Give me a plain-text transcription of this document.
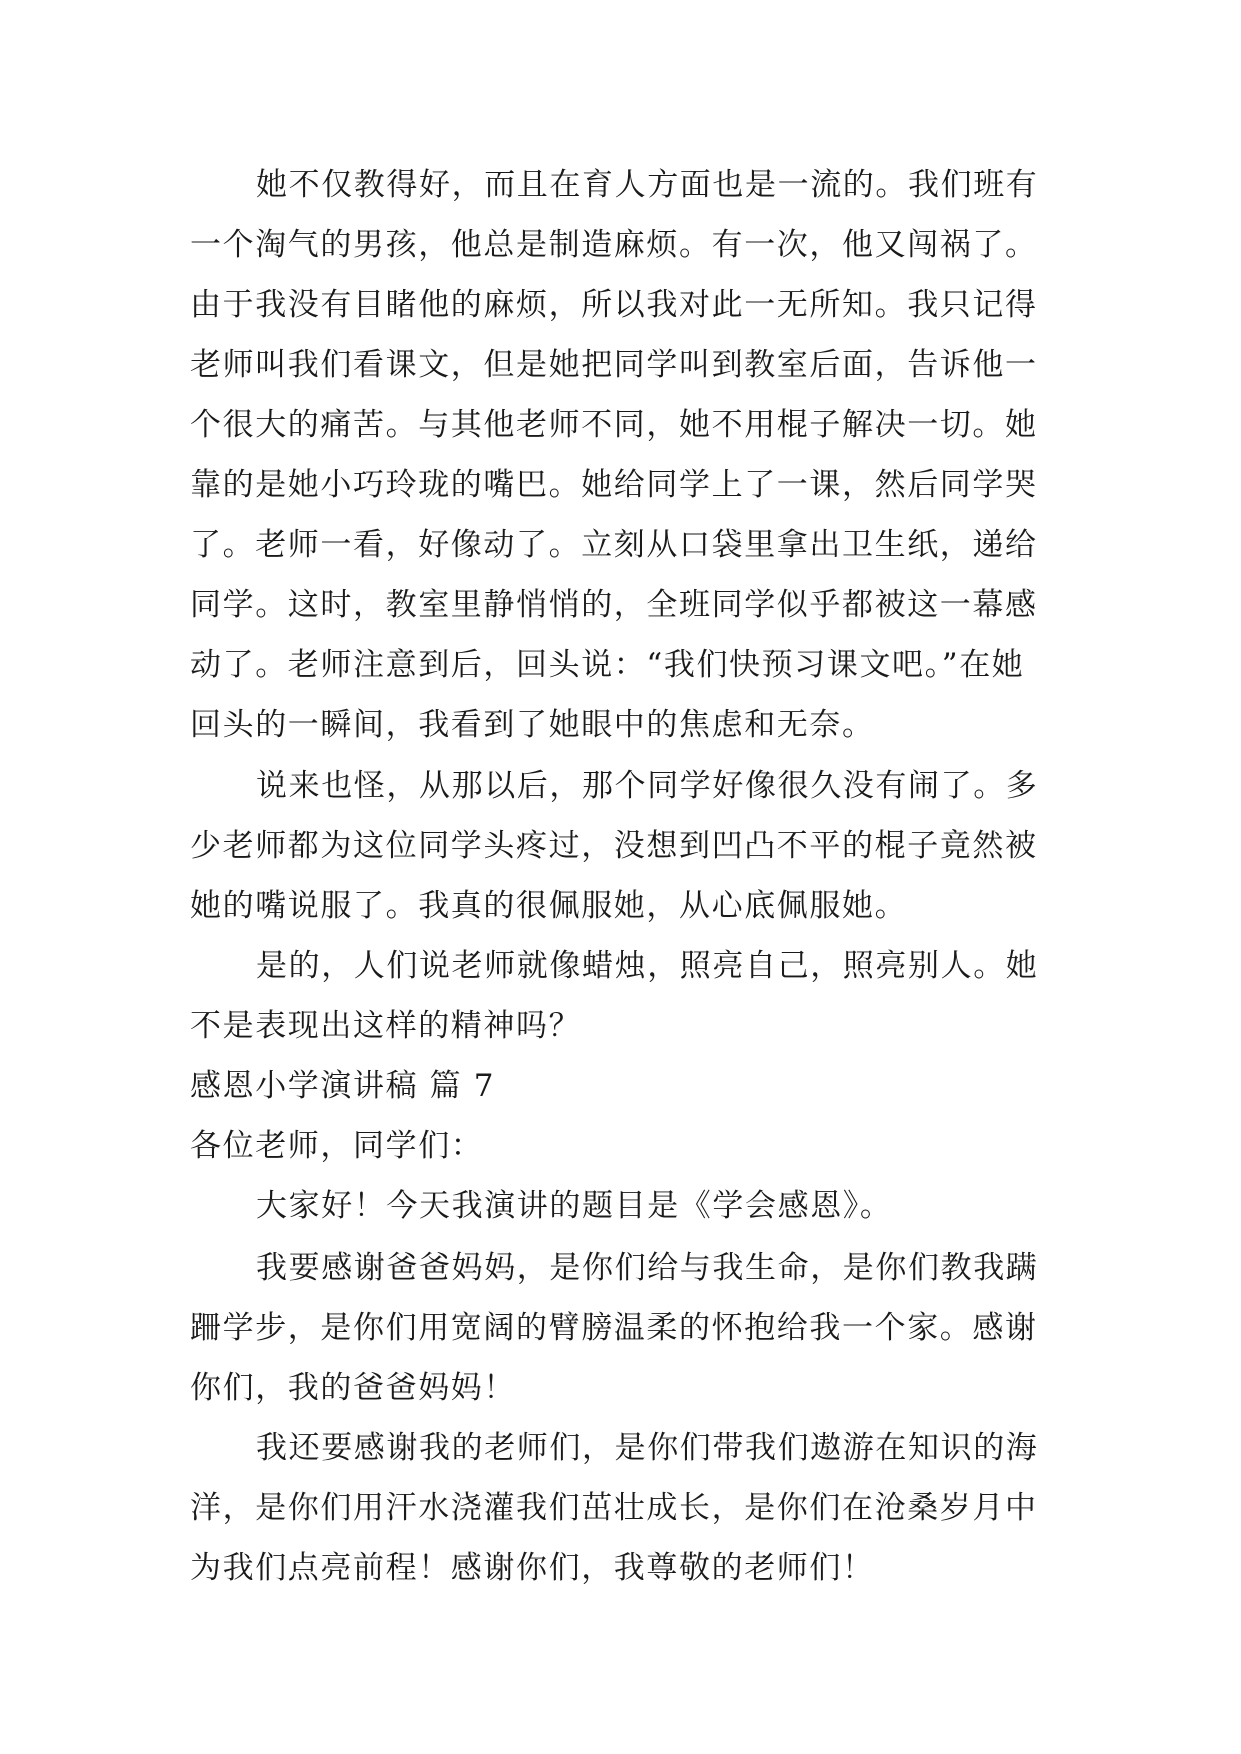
她不仅教得好，而且在育人方面也是一流的。我们班有
一个淘气的男孩，他总是制造麻烦。有一次，他又闯祸了。
由于我没有目睹他的麻烦，所以我对此一无所知。我只记得
老师叫我们看课文，但是她把同学叫到教室后面，告诉他一
个很大的痛苦。与其他老师不同，她不用棍子解决一切。她
靠的是她小巧玲珑的嘴巴。她给同学上了一课，然后同学哭
了。老师一看，好像动了。立刻从口袋里拿出卫生纸，递给
同学。这时，教室里静悄悄的，全班同学似乎都被这一幕感
动了。老师注意到后，回头说：“我们快预习课文吧。”在她
回头的一瞬间，我看到了她眼中的焦虑和无奈。
说来也怪，从那以后，那个同学好像很久没有闹了。多
少老师都为这位同学头疼过，没想到凹凸不平的棍子竟然被
她的嘴说服了。我真的很佩服她，从心底佩服她。
是的，人们说老师就像蜡烛，照亮自己，照亮别人。她
不是表现出这样的精神吗？
感恩小学演讲稿 篇 7
各位老师，同学们：
大家好！今天我演讲的题目是《学会感恩》。
我要感谢爸爸妈妈，是你们给与我生命，是你们教我蹒
跚学步，是你们用宽阔的臂膀温柔的怀抱给我一个家。感谢
你们，我的爸爸妈妈！
我还要感谢我的老师们，是你们带我们遨游在知识的海
洋，是你们用汗水浇灌我们茁壮成长，是你们在沧桑岁月中
为我们点亮前程！感谢你们，我尊敬的老师们！
